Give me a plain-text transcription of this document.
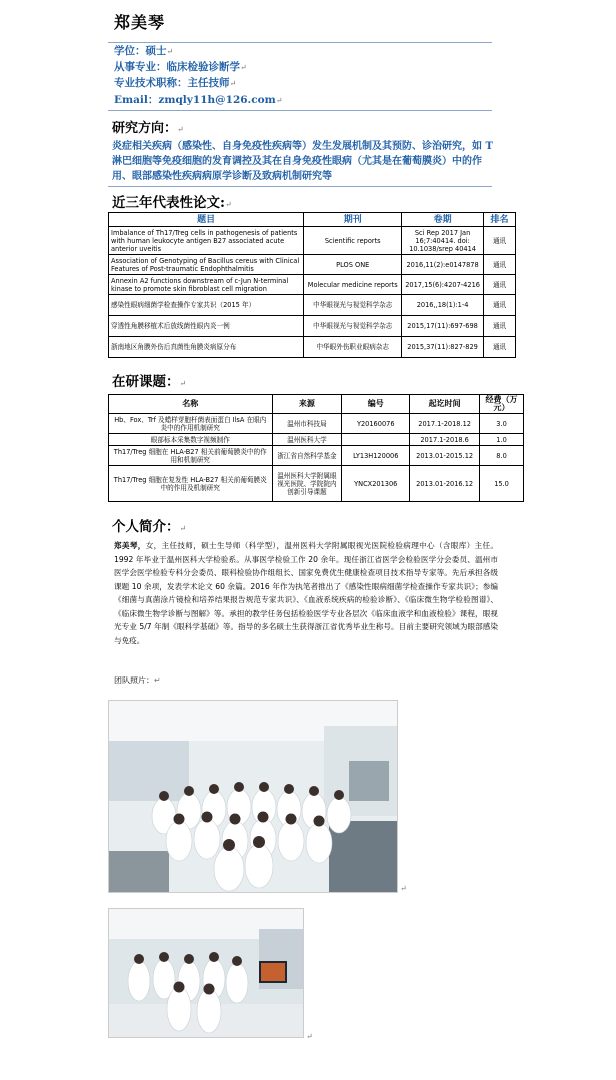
郑美琴
学位：硕士↵
从事专业：临床检验诊断学↵
专业技术职称：主任技师↵
Email：zmqly11h@126.com↵
研究方向：↵
炎症相关疾病（感染性、自身免疫性疾病等）发生发展机制及其预防、诊治研究，如 T 淋巴细胞等免疫细胞的发育调控及其在自身免疫性眼病（尤其是在葡萄膜炎）中的作用、眼部感染性疾病病原学诊断及致病机制研究等
近三年代表性论文:↵
题目	期刊	卷期	排名
Imbalance of Th17/Treg cells in pathogenesis of patients with human leukocyte antigen B27 associated acute anterior uveitis	Scientific reports	Sci Rep 2017 Jan 16;7:40414. doi: 10.1038/srep 40414	通讯
Association of Genotyping of Bacillus cereus with Clinical Features of Post-traumatic Endophthalmitis	PLOS ONE	2016,11(2):e0147878	通讯
Annexin A2 functions downstream of c-Jun N-terminal kinase to promote skin fibroblast cell migration	Molecular medicine reports	2017,15(6):4207-4216	通讯
感染性眼病细菌学检查操作专家共识（2015 年）	中华眼视光与视觉科学杂志	2016,,18(1):1-4	通讯
穿透性角膜移植术后放线菌性眼内炎一例	中华眼视光与视觉科学杂志	2015,17(11):697-698	通讯
浙南地区角膜外伤后真菌性角膜炎病原分布	中华眼外伤职业眼病杂志	2015,37(11):827-829	通讯
在研课题：↵
名称	来源	编号	起讫时间	经费（万元）
Hb、Fox、Trf 及蜡样芽胞杆菌表面蛋白 IlsA 在眼内炎中的作用机制研究	温州市科技局	Y20160076	2017.1-2018.12	3.0
眼部标本采集数字视频制作	温州医科大学		2017.1-2018.6	1.0
Th17/Treg 细胞在 HLA-B27 相关前葡萄膜炎中的作用和机制研究	浙江省自然科学基金	LY13H120006	2013.01-2015.12	8.0
Th17/Treg 细胞在复发性 HLA-B27 相关前葡萄膜炎中的作用及机制研究	温州医科大学附属眼视光医院、学院院内创新引导课题	YNCX201306	2013.01-2016.12	15.0
个人简介：↵
郑美琴，女，主任技师，硕士生导师（科学型），温州医科大学附属眼视光医院检验病理中心（含眼库）主任。1992 年毕业于温州医科大学检验系。从事医学检验工作 20 余年。现任浙江省医学会检验医学分会委员、温州市医学会医学检验专科分会委员、眼科检验协作组组长、国家免费优生健康检查项目技术指导专家等。先后承担各级课题 10 余项，发表学术论文 60 余篇。2016 年作为执笔者推出了《感染性眼病细菌学检查操作专家共识》；参编《细菌与真菌涂片镜检和培养结果报告规范专家共识》、《血液系统疾病的检验诊断》、《临床微生物学检验图谱》、《临床微生物学诊断与图解》等。承担的教学任务包括检验医学专业各层次《临床血液学和血液检验》课程，眼视光专业 5/7 年制《眼科学基础》等。指导的多名硕士生获得浙江省优秀毕业生称号。目前主要研究领域为眼部感染与免疫。
团队照片：↵
↵
↵
